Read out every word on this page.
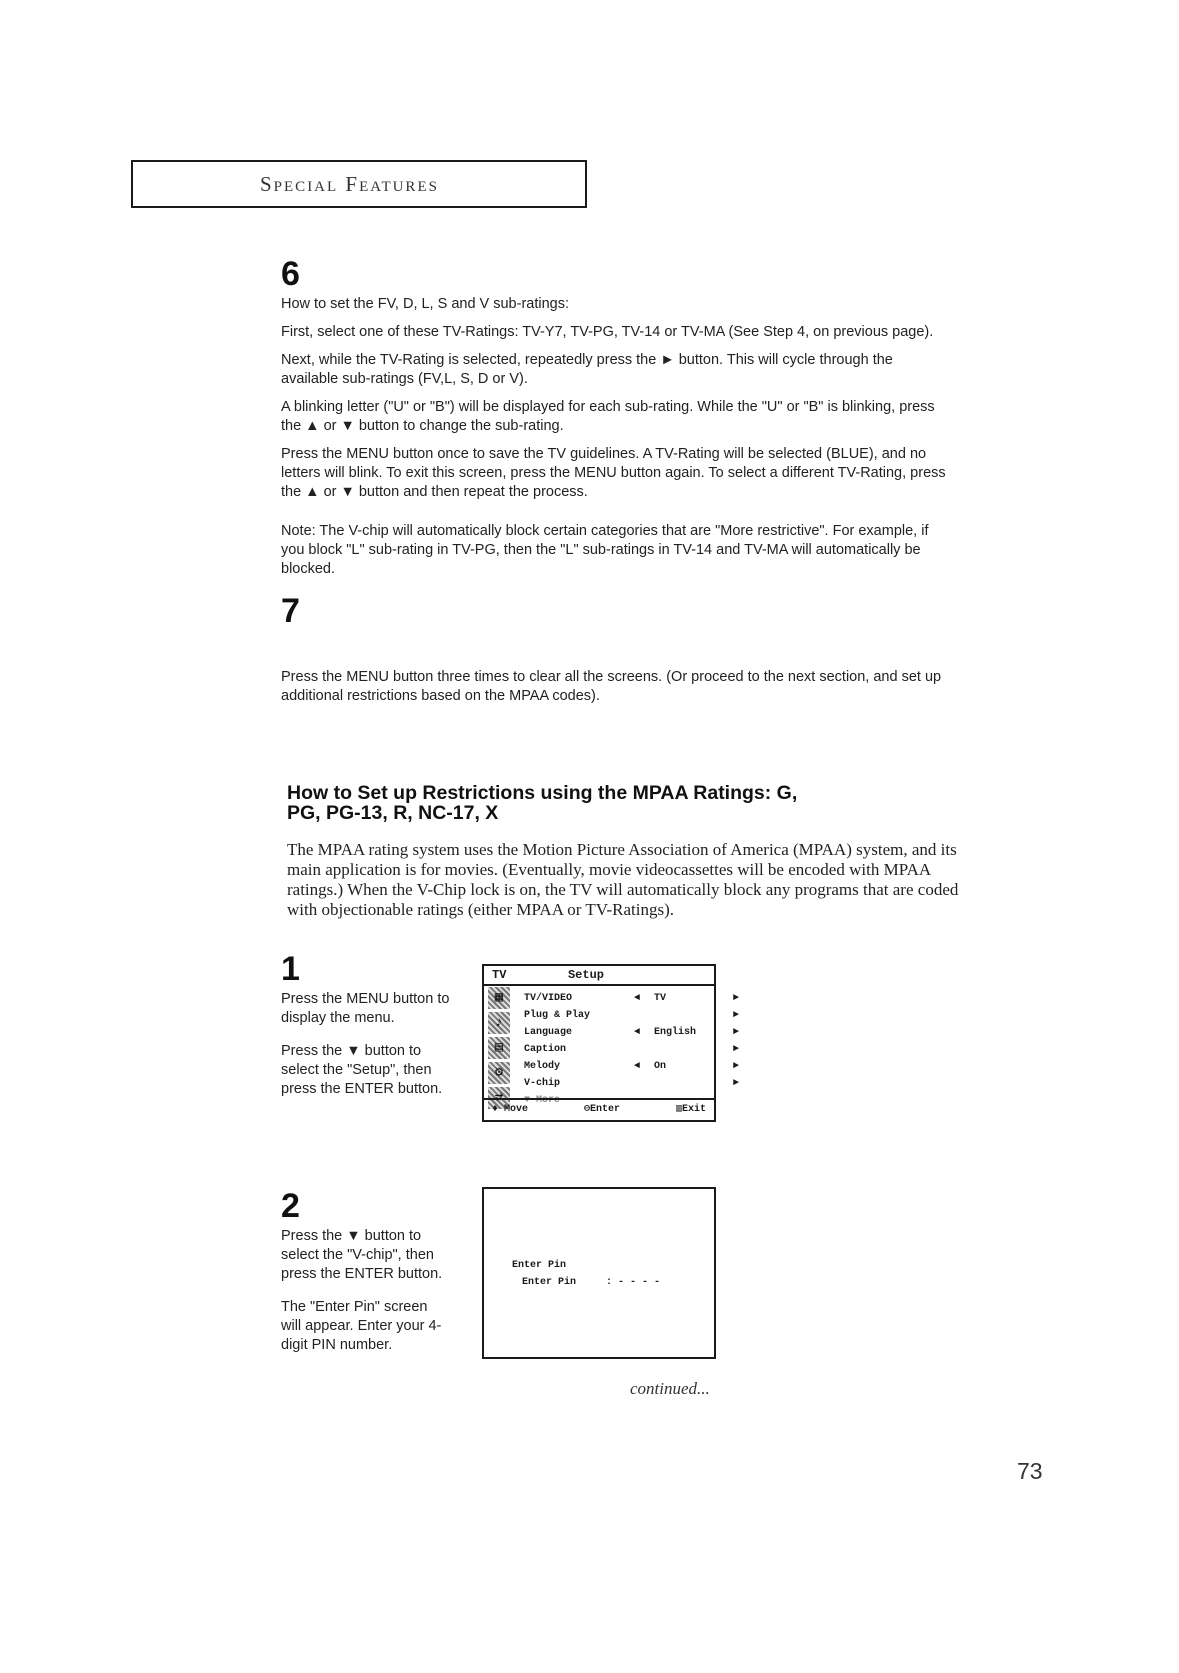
Special Features
6

How to set the FV, D, L, S and V sub-ratings:

First, select one of these TV-Ratings: TV-Y7, TV-PG, TV-14 or TV-MA (See Step 4, on previous page).

Next, while the TV-Rating is selected, repeatedly press the ► button. This will cycle through the available sub-ratings (FV,L, S, D or V).

A blinking letter ("U" or "B") will be displayed for each sub-rating. While the "U" or "B" is blinking, press the ▲ or ▼ button to change the sub-rating.

Press the MENU button once to save the TV guidelines. A TV-Rating will be selected (BLUE), and no letters will blink. To exit this screen, press the MENU button again. To select a different TV-Rating, press the ▲ or ▼ button and then repeat the process.

Note: The V-chip will automatically block certain categories that are "More restrictive". For example, if you block "L" sub-rating in TV-PG, then the "L" sub-ratings in TV-14 and TV-MA will automatically be blocked.

7

Press the MENU button three times to clear all the screens. (Or proceed to the next section, and set up additional restrictions based on the MPAA codes).

How to Set up Restrictions using the MPAA Ratings: G, PG, PG-13, R, NC-17, X
The MPAA rating system uses the Motion Picture Association of America (MPAA) system, and its main application is for movies. (Eventually, movie videocassettes will be encoded with MPAA ratings.) When the V-Chip lock is on, the TV will automatically block any programs that are coded with objectionable ratings (either MPAA or TV-Ratings).
1

Press the MENU button to display the menu.

Press the ▼ button to select the "Setup", then press the ENTER button.

TV	Setup
▦
♪
▤
⚙
⇄
TV/VIDEO	◄	TV	►
Plug & Play	►
Language	◄	English	►
Caption	►
Melody	◄	On	►
V-chip	►
▼ More
♦ Move	⊖Enter	▥Exit
2

Press the ▼ button to select the "V-chip", then press the ENTER button.

The "Enter Pin" screen will appear. Enter your 4-digit PIN number.

Enter Pin
Enter Pin	: - - - -
continued...
73
